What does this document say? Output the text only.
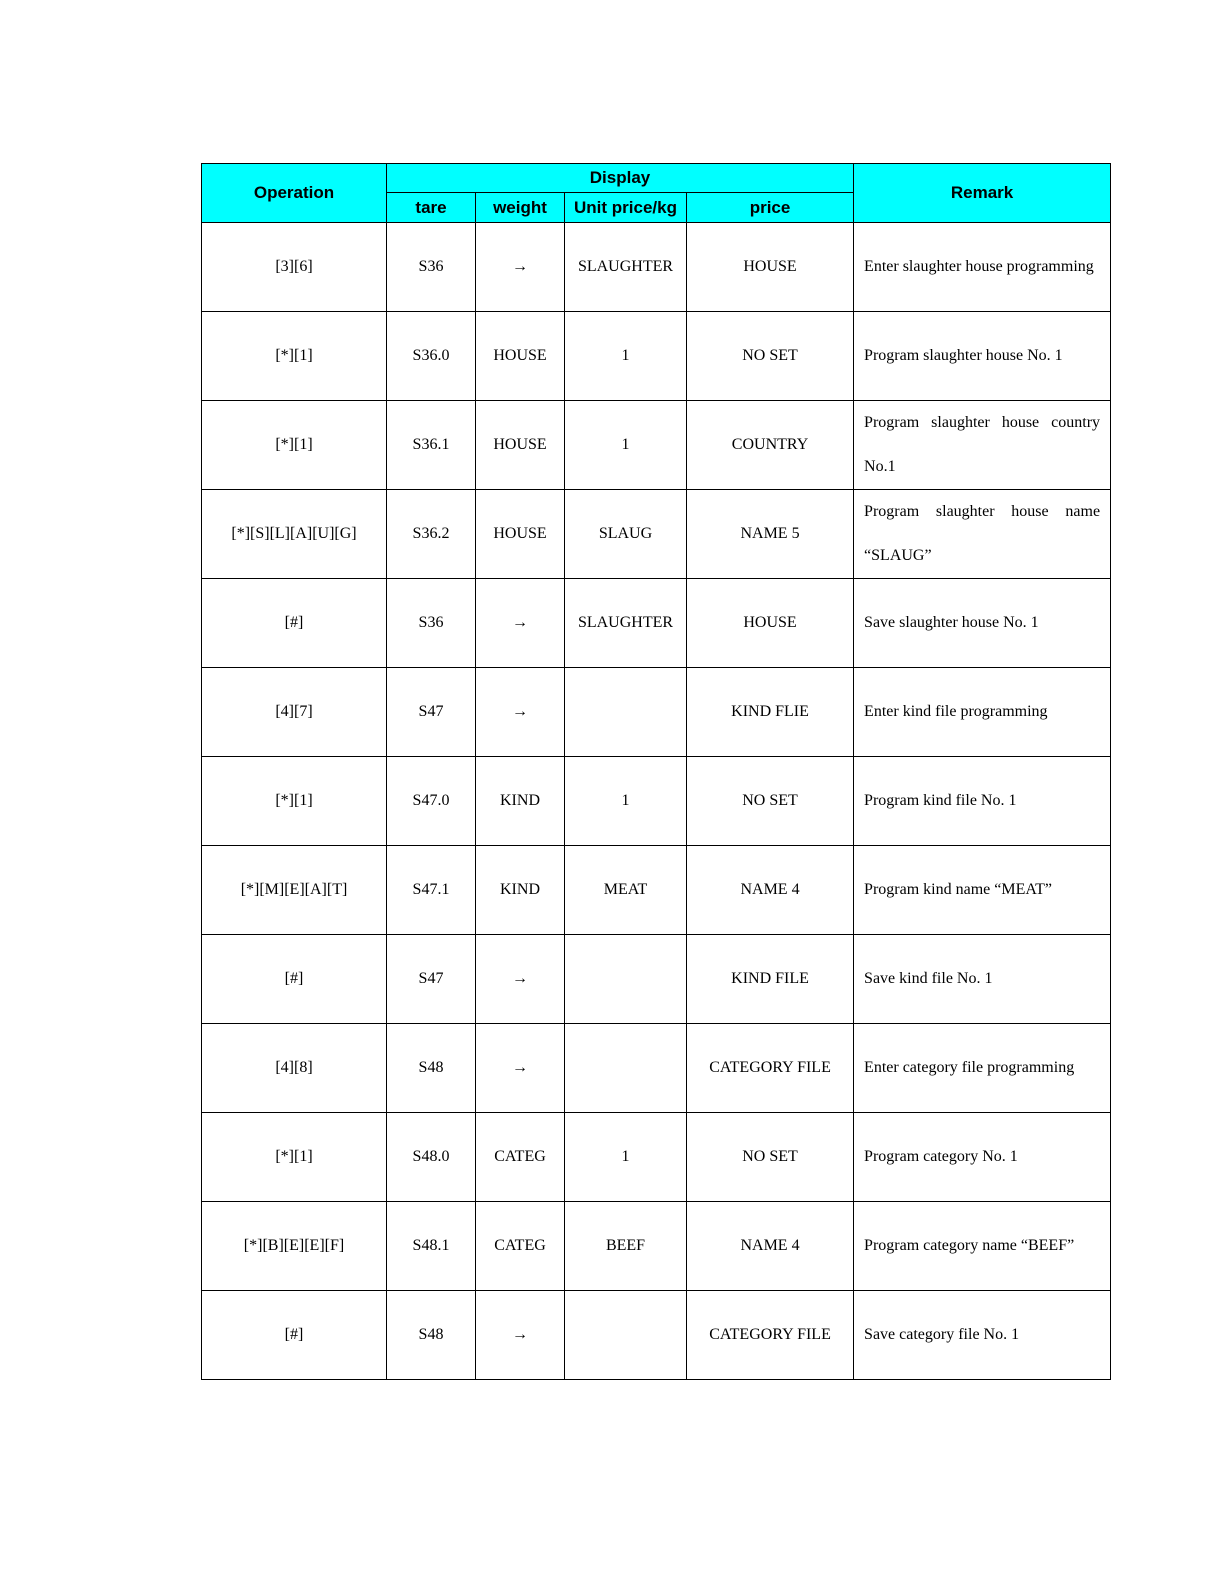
Operation	Display				Remark
	tare	weight	Unit price/kg	price	
[3][6]	S36	→	SLAUGHTER	HOUSE	Enter slaughter house programming
[*][1]	S36.0	HOUSE	1	NO SET	Program slaughter house No. 1
[*][1]	S36.1	HOUSE	1	COUNTRY	Program slaughter house country No.1
[*][S][L][A][U][G]	S36.2	HOUSE	SLAUG	NAME 5	Program slaughter house name “SLAUG”
[#]	S36	→	SLAUGHTER	HOUSE	Save slaughter house No. 1
[4][7]	S47	→		KIND FLIE	Enter kind file programming
[*][1]	S47.0	KIND	1	NO SET	Program kind file No. 1
[*][M][E][A][T]	S47.1	KIND	MEAT	NAME 4	Program kind name “MEAT”
[#]	S47	→		KIND FILE	Save kind file No. 1
[4][8]	S48	→		CATEGORY FILE	Enter category file programming
[*][1]	S48.0	CATEG	1	NO SET	Program category No. 1
[*][B][E][E][F]	S48.1	CATEG	BEEF	NAME 4	Program category name “BEEF”
[#]	S48	→		CATEGORY FILE	Save category file No. 1
